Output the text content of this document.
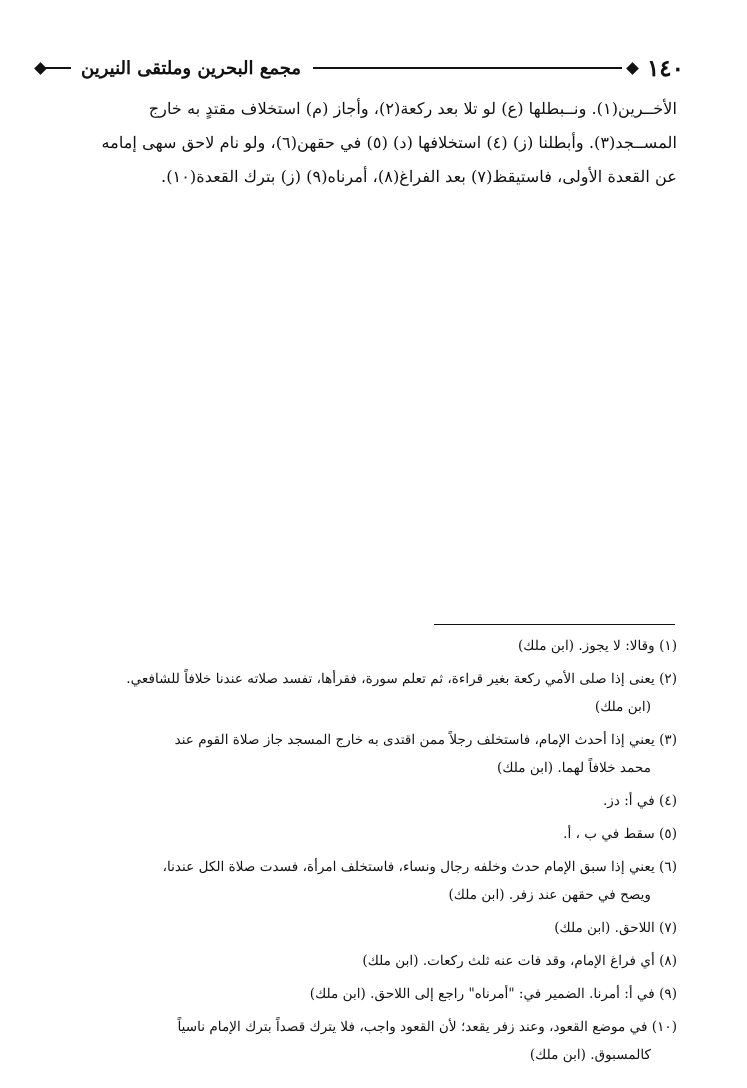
١٤٠
مجمع البحرين وملتقى النيرين

الأخــرين(١). ونــبطلها (ع) لو تلا بعد ركعة(٢)، وأجاز (م) استخلاف مقتدٍ به خارج

المســجد(٣). وأبطلنا (ز) (٤) استخلافها (د) (٥) في حقهن(٦)، ولو نام لاحق سهى إمامه

عن القعدة الأولى، فاستيقظ(٧) بعد الفراغ(٨)، أمرناه(٩) (ز) بترك القعدة(١٠).

(١) وقالا: لا يجوز. (ابن ملك)
(٢) يعنى إذا صلى الأمي ركعة بغير قراءة، ثم تعلم سورة، فقرأها، تفسد صلاته عندنا خلافاً للشافعي.
(ابن ملك)
(٣) يعني إذا أحدث الإمام، فاستخلف رجلاً ممن اقتدى به خارج المسجد جاز صلاة القوم عند
محمد خلافاً لهما. (ابن ملك)
(٤) في أ: دز.
(٥) سقط في ب ، أ.
(٦) يعني إذا سبق الإمام حدث وخلفه رجال ونساء، فاستخلف امرأة، فسدت صلاة الكل عندنا،
ويصح في حقهن عند زفر. (ابن ملك)
(٧) اللاحق. (ابن ملك)
(٨) أي فراغ الإمام، وقد فات عنه ثلث ركعات. (ابن ملك)
(٩) في أ: أمرنا. الضمير في: "أمرناه" راجع إلى اللاحق. (ابن ملك)
(١٠) في موضع القعود، وعند زفر يقعد؛ لأن القعود واجب، فلا يترك قصداً بترك الإمام ناسياً
كالمسبوق. (ابن ملك)
